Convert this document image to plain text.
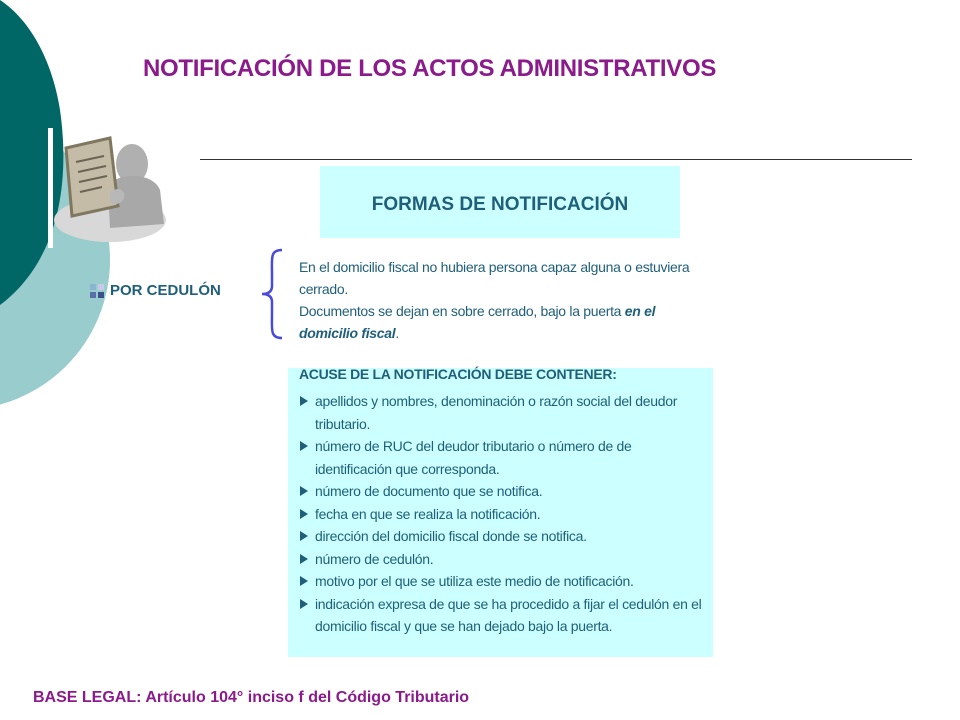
NOTIFICACIÓN DE LOS ACTOS ADMINISTRATIVOS
FORMAS DE NOTIFICACIÓN
POR CEDULÓN

En el domicilio fiscal no hubiera persona capaz alguna o estuviera cerrado.

Documentos se dejan en sobre cerrado, bajo la puerta en el domicilio fiscal.

ACUSE DE LA NOTIFICACIÓN DEBE CONTENER:
apellidos y nombres, denominación o razón social del deudor tributario.
número de RUC del deudor tributario o número de de identificación que corresponda.
número de documento que se notifica.
fecha en que se realiza la notificación.
dirección del domicilio fiscal donde se notifica.
número de cedulón.
motivo por el que se utiliza este medio de notificación.
indicación expresa de que se ha procedido a fijar el cedulón en el domicilio fiscal y que se han dejado bajo la puerta.
BASE LEGAL: Artículo 104° inciso f del Código Tributario
